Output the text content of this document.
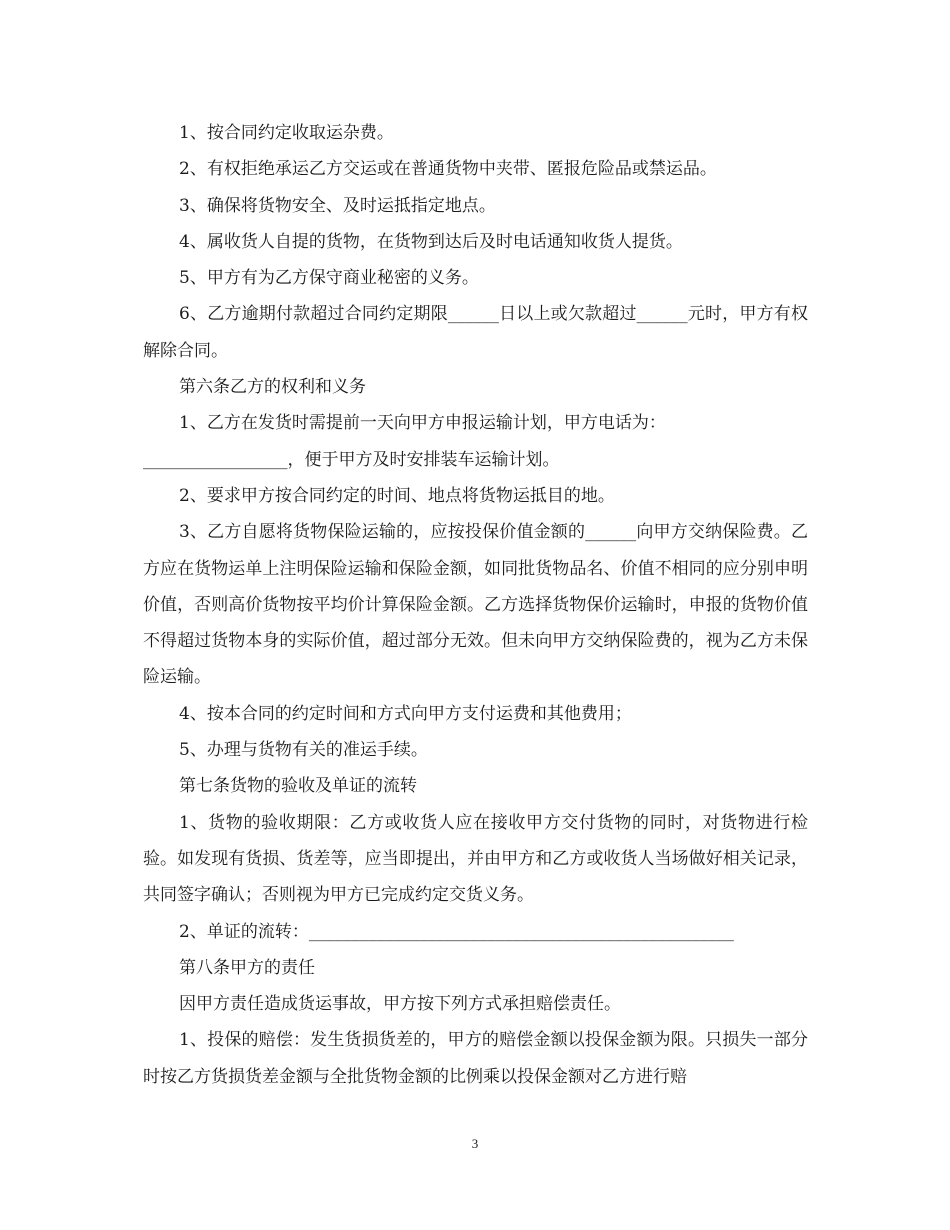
1、按合同约定收取运杂费。

2、有权拒绝承运乙方交运或在普通货物中夹带、匿报危险品或禁运品。

3、确保将货物安全、及时运抵指定地点。

4、属收货人自提的货物，在货物到达后及时电话通知收货人提货。

5、甲方有为乙方保守商业秘密的义务。

6、乙方逾期付款超过合同约定期限______日以上或欠款超过______元时，甲方有权解除合同。

第六条乙方的权利和义务

1、乙方在发货时需提前一天向甲方申报运输计划，甲方电话为：

_________________，便于甲方及时安排装车运输计划。

2、要求甲方按合同约定的时间、地点将货物运抵目的地。

3、乙方自愿将货物保险运输的，应按投保价值金额的______向甲方交纳保险费。乙方应在货物运单上注明保险运输和保险金额，如同批货物品名、价值不相同的应分别申明价值，否则高价货物按平均价计算保险金额。乙方选择货物保价运输时，申报的货物价值不得超过货物本身的实际价值，超过部分无效。但未向甲方交纳保险费的，视为乙方未保险运输。

4、按本合同的约定时间和方式向甲方支付运费和其他费用；

5、办理与货物有关的准运手续。

第七条货物的验收及单证的流转

1、货物的验收期限：乙方或收货人应在接收甲方交付货物的同时，对货物进行检验。如发现有货损、货差等，应当即提出，并由甲方和乙方或收货人当场做好相关记录，共同签字确认；否则视为甲方已完成约定交货义务。

2、单证的流转：__________________________________________________

第八条甲方的责任

因甲方责任造成货运事故，甲方按下列方式承担赔偿责任。

1、投保的赔偿：发生货损货差的，甲方的赔偿金额以投保金额为限。只损失一部分时按乙方货损货差金额与全批货物金额的比例乘以投保金额对乙方进行赔

3
